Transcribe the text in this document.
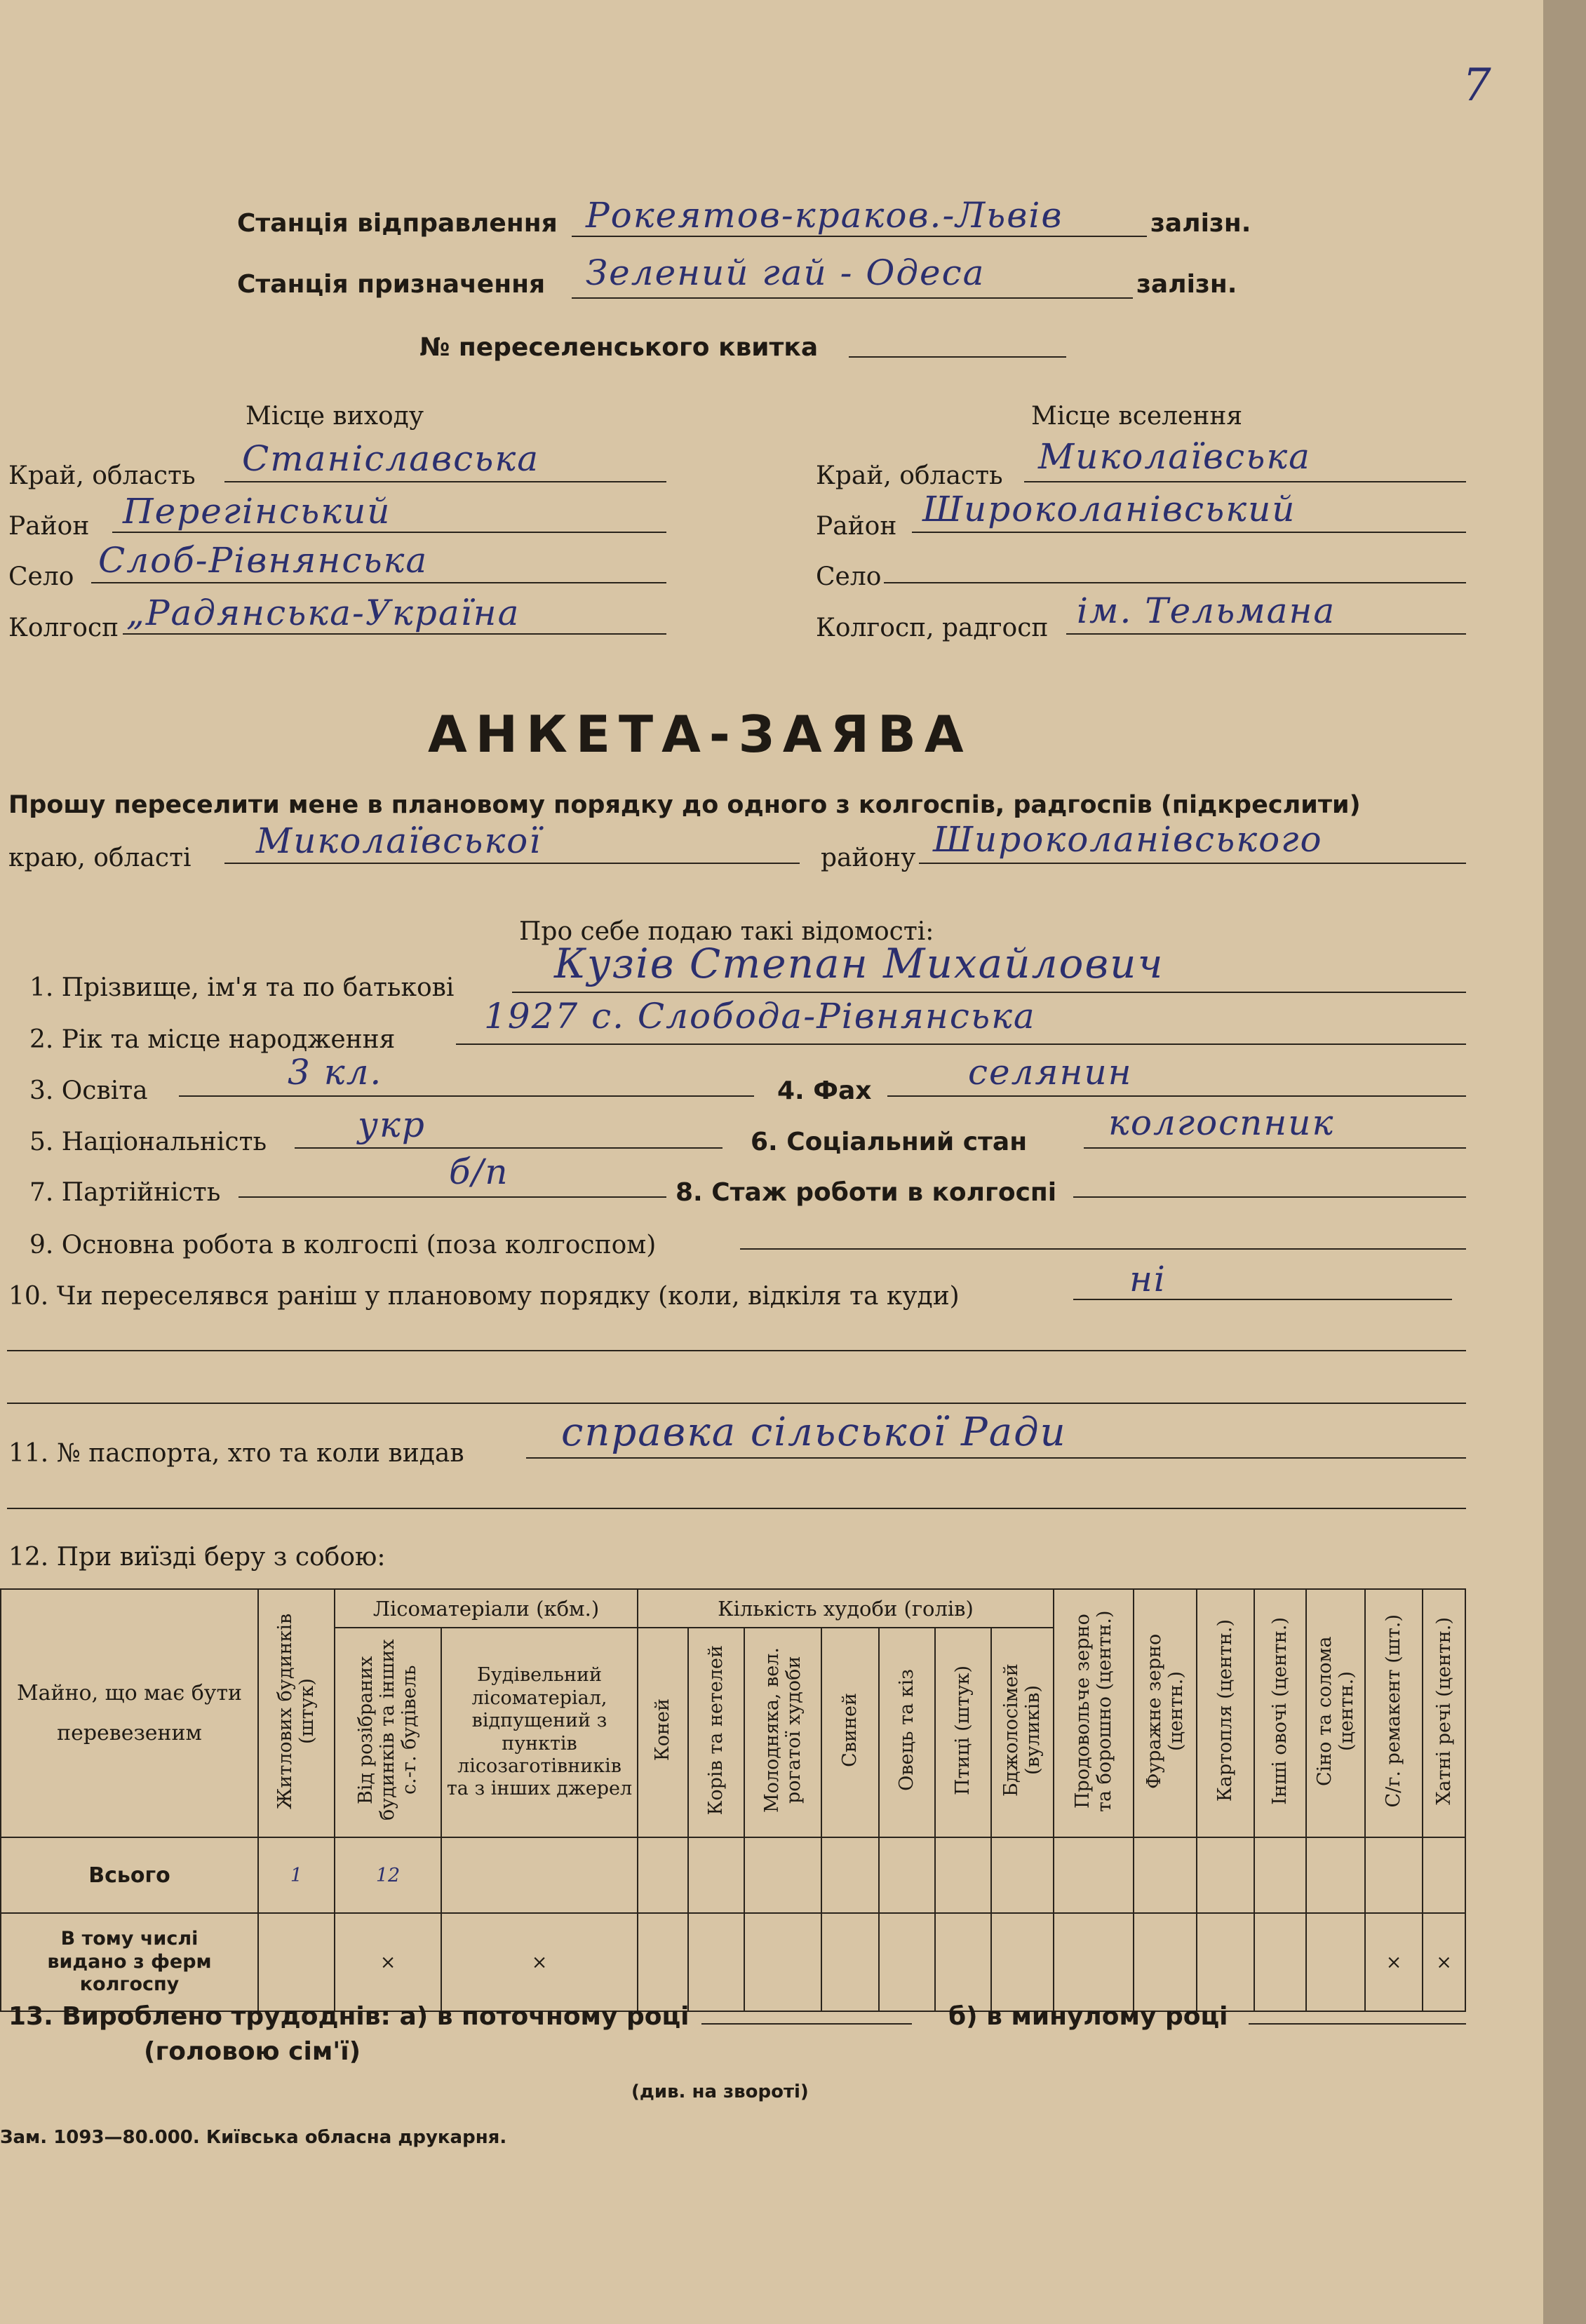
7
Станція відправлення Рокеятов-краков.-Львів	залізн.
Станція призначення Зелений гай - Одеса	залізн.
№ переселенського квитка
Місце виходу	Місце вселення
Край, область Станіславська
Район Перегінський
Село Слоб-Рівнянська
Колгосп „Радянська-Україна
Край, область Миколаївська
Район Широколанівський
Село
Колгосп, радгосп ім. Тельмана
АНКЕТА-ЗАЯВА
Прошу переселити мене в плановому порядку до одного з колгоспів, радгоспів (підкреслити)
краю, області Миколаївської	району Широколанівського
Про себе подаю такі відомості:
1. Прізвище, ім'я та по батькові
Кузів Степан Михайлович
2. Рік та місце народження
1927 с. Слобода-Рівнянська
3. Освіта	3 кл.	4. Фах	селянин
5. Національність	укр	6. Соціальний стан колгоспник
7. Партійність
б/п
8. Стаж роботи в колгоспі
9. Основна робота в колгоспі (поза колгоспом)
10. Чи переселявся раніш у плановому порядку (коли, відкіля та куди)	ні
11. № паспорта, хто та коли видав справка сільської Ради
12. При виїзді беру з собою:
Майно, що має бути перевезеним	Житлових будинків (штук)	Лісоматеріали (кбм.)		Кількість худоби (голів)							Продовольче зерно та борошно (центн.)	Фуражне зерно (центн.)	Картопля (центн.)	Інші овочі (центн.)	Сіно та солома (центн.)	С/г. ремакент (шт.)	Хатні речі (центн.)
		Від розібраних будинків та інших с.-г. будівель	Будівельний лісоматеріал, відпущений з пунктів лісозаготівників та з інших джерел	Коней	Корів та нетелей	Молодняка, вел. рогатої худоби	Свиней	Овець та кіз	Птиці (штук)	Бджолосімей (вуликів)							
Всього	1	12															
В тому числі видано з ферм колгоспу		×	×													×	×
13. Вироблено трудоднів: а) в поточному році	б) в минулому році
(головою сім'ї)
(див. на звороті)
Зам. 1093—80.000. Київська обласна друкарня.
